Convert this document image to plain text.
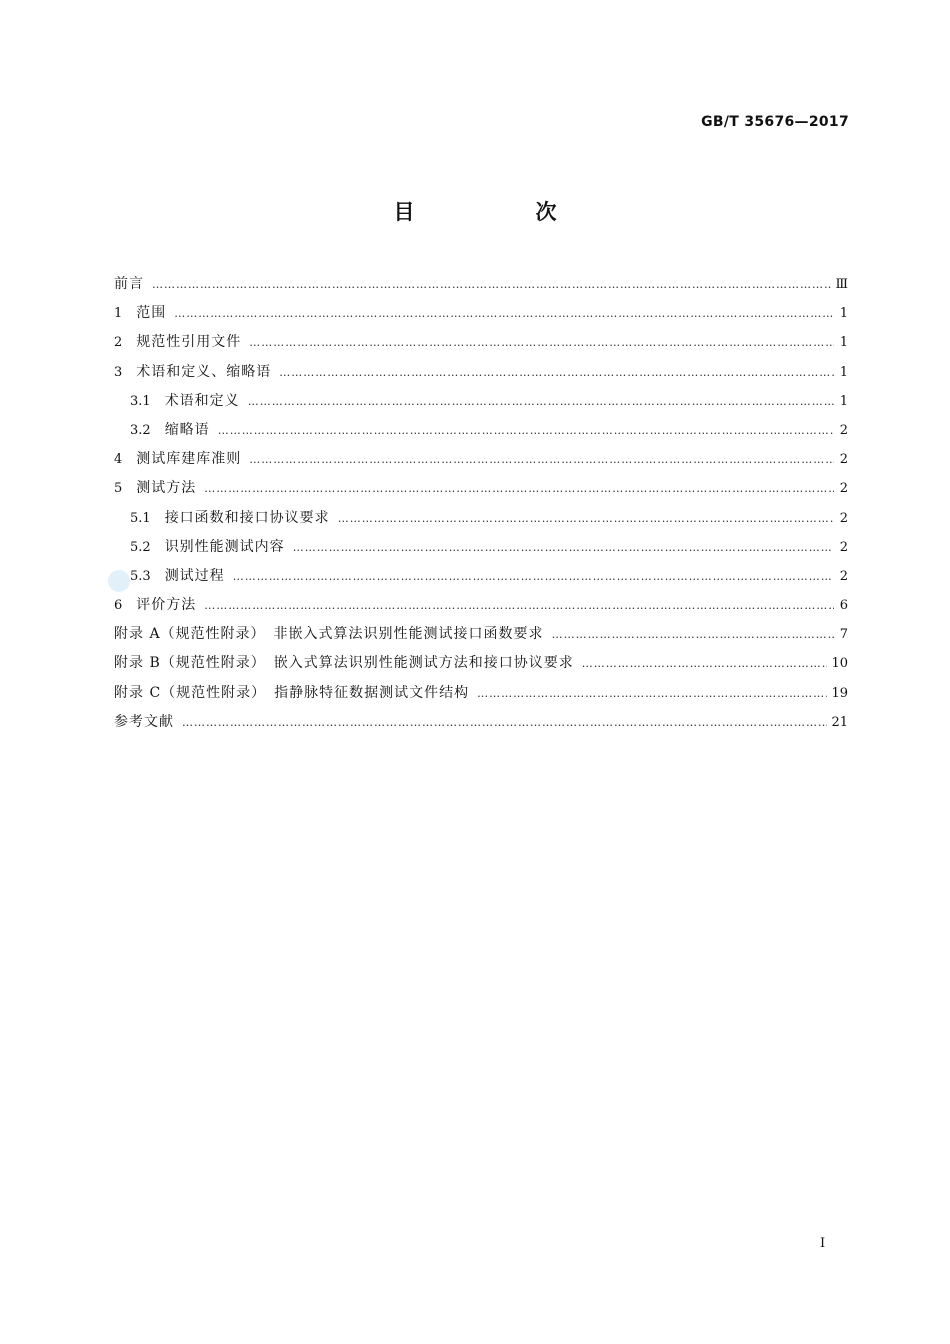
GB/T 35676—2017
目　次
前言 ………………………………………………………………………………………………………………………………………………………………………………………………	Ⅲ
1 范围 ………………………………………………………………………………………………………………………………………………………………………………………………	1
2 规范性引用文件 ………………………………………………………………………………………………………………………………………………………………………………………………	1
3 术语和定义、缩略语 ………………………………………………………………………………………………………………………………………………………………………………………………	1
3.1 术语和定义 ………………………………………………………………………………………………………………………………………………………………………………………………	1
3.2 缩略语 ………………………………………………………………………………………………………………………………………………………………………………………………	2
4 测试库建库准则 ………………………………………………………………………………………………………………………………………………………………………………………………	2
5 测试方法 ………………………………………………………………………………………………………………………………………………………………………………………………	2
5.1 接口函数和接口协议要求 ………………………………………………………………………………………………………………………………………………………………………………………………	2
5.2 识别性能测试内容 ………………………………………………………………………………………………………………………………………………………………………………………………	2
5.3 测试过程 ………………………………………………………………………………………………………………………………………………………………………………………………	2
6 评价方法 ………………………………………………………………………………………………………………………………………………………………………………………………	6
附录 A（规范性附录）　非嵌入式算法识别性能测试接口函数要求 ………………………………………………………………………………………………………………………………………………………………………………………………	7
附录 B（规范性附录）　嵌入式算法识别性能测试方法和接口协议要求 ………………………………………………………………………………………………………………………………………………………………………………………………	10
附录 C（规范性附录）　指静脉特征数据测试文件结构 ………………………………………………………………………………………………………………………………………………………………………………………………	19
参考文献 ………………………………………………………………………………………………………………………………………………………………………………………………	21
I
